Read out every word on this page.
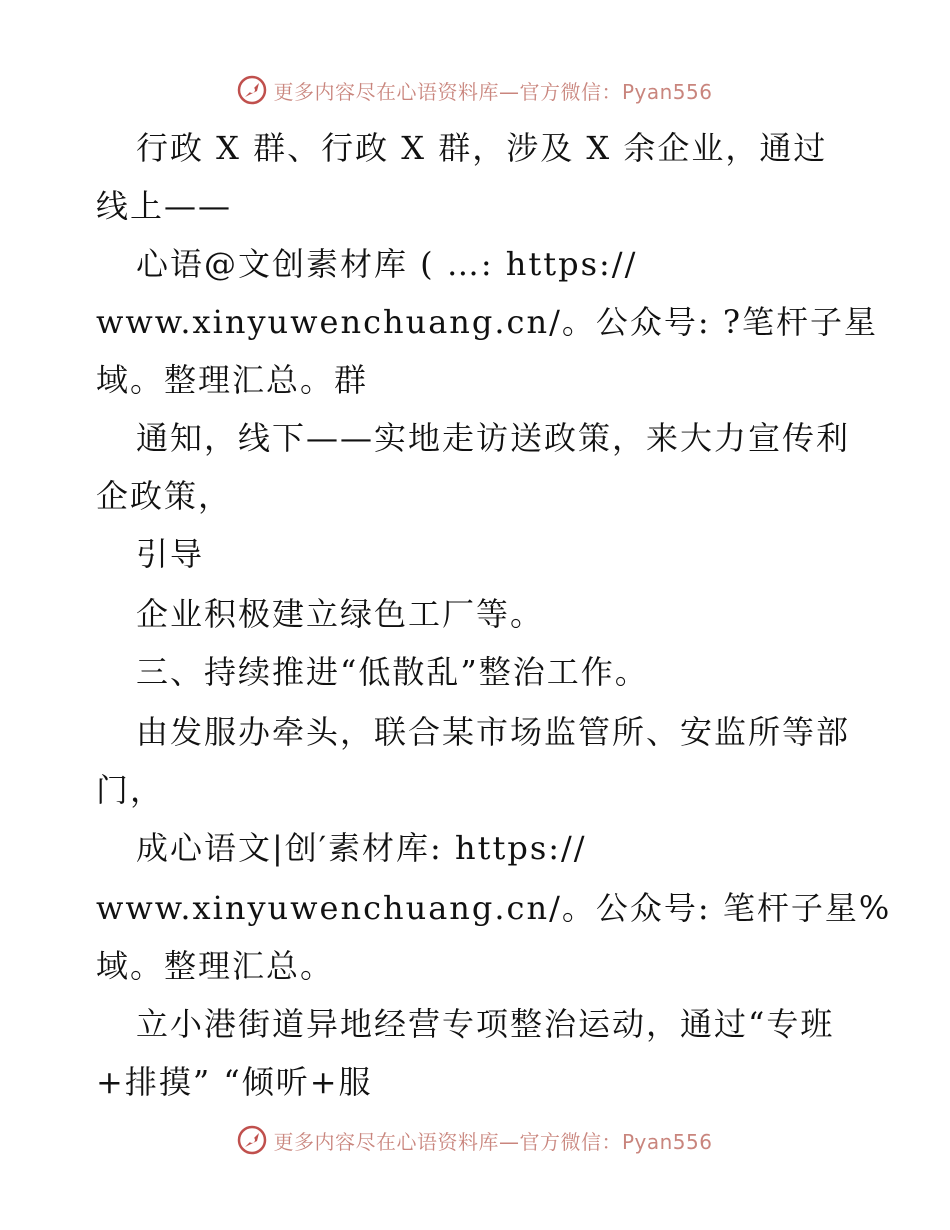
更多内容尽在心语资料库—官方微信：Pyan556
行政 X 群、行政 X 群，涉及 X 余企业，通过
线上——
心语@文创素材库 ( …: https://
www.xinyuwenchuang.cn/。公众号: ?笔杆子星
域。整理汇总。群
通知，线下——实地走访送政策，来大力宣传利
企政策，
引导
企业积极建立绿色工厂等。
三、持续推进“低散乱”整治工作。
由发服办牵头，联合某市场监管所、安监所等部
门，
成心语文|创′素材库: https://
www.xinyuwenchuang.cn/。公众号: 笔杆子星%
域。整理汇总。
立小港街道异地经营专项整治运动，通过“专班
+排摸” “倾听+服
更多内容尽在心语资料库—官方微信：Pyan556
